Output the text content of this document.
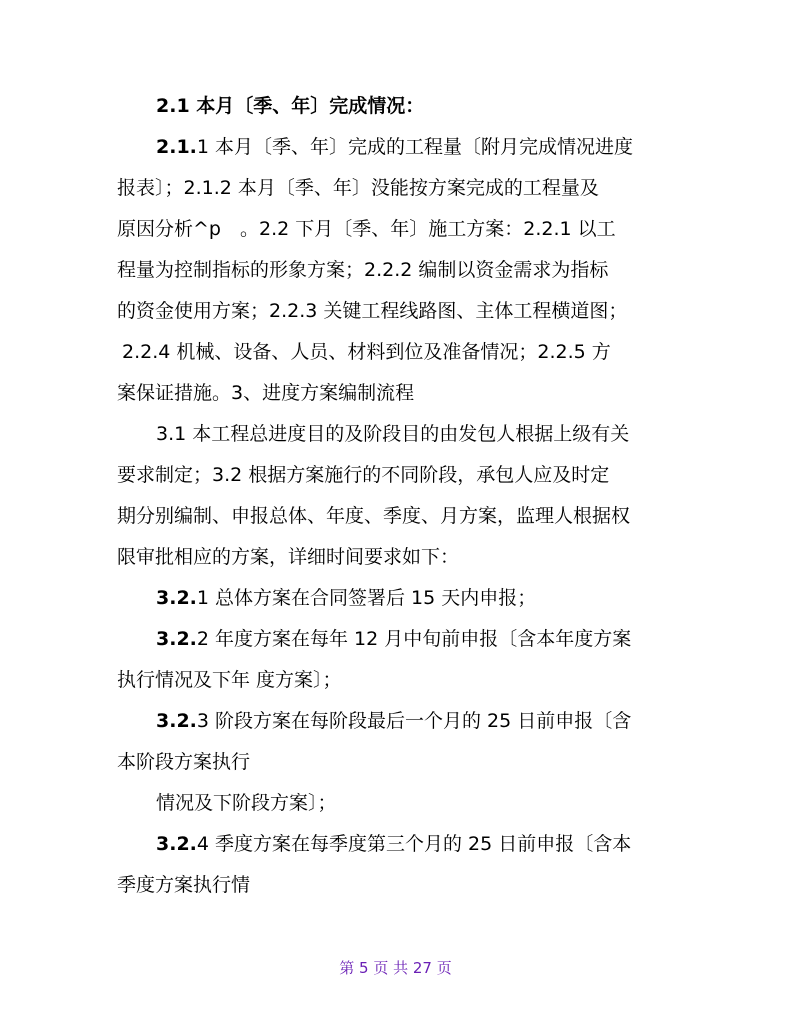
2.1 本月〔季、年〕完成情况：
2.1.1 本月〔季、年〕完成的工程量〔附月完成情况进度
报表〕；2.1.2 本月〔季、年〕没能按方案完成的工程量及
原因分析^p　。2.2 下月〔季、年〕施工方案：2.2.1 以工
程量为控制指标的形象方案；2.2.2 编制以资金需求为指标
的资金使用方案；2.2.3 关键工程线路图、主体工程横道图；
2.2.4 机械、设备、人员、材料到位及准备情况；2.2.5 方
案保证措施。3、进度方案编制流程
3.1 本工程总进度目的及阶段目的由发包人根据上级有关
要求制定；3.2 根据方案施行的不同阶段，承包人应及时定
期分别编制、申报总体、年度、季度、月方案，监理人根据权
限审批相应的方案，详细时间要求如下：
3.2.1 总体方案在合同签署后 15 天内申报；
3.2.2 年度方案在每年 12 月中旬前申报〔含本年度方案
执行情况及下年 度方案〕；
3.2.3 阶段方案在每阶段最后一个月的 25 日前申报〔含
本阶段方案执行
情况及下阶段方案〕；
3.2.4 季度方案在每季度第三个月的 25 日前申报〔含本
季度方案执行情
第 5 页 共 27 页
